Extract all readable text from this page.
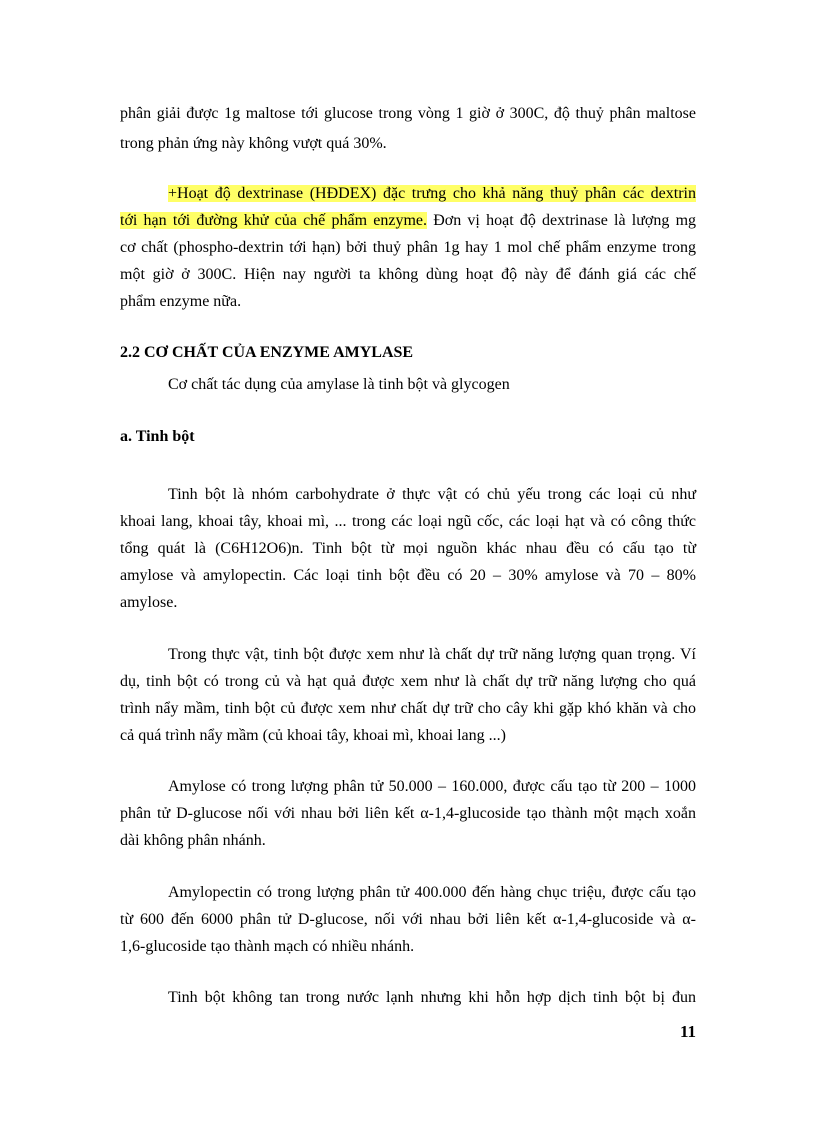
phân giải được 1g maltose tới glucose trong vòng 1 giờ ở 300C, độ thuỷ phân maltose
trong phản ứng này không vượt quá 30%.
+Hoạt độ dextrinase (HĐDEX) đặc trưng cho khả năng thuỷ phân các dextrin
tới hạn tới đường khử của chế phẩm enzyme. Đơn vị hoạt độ dextrinase là lượng mg
cơ chất (phospho-dextrin tới hạn) bởi thuỷ phân 1g hay 1 mol chế phẩm enzyme trong
một giờ ở 300C. Hiện nay người ta không dùng hoạt độ này để đánh giá các chế
phẩm enzyme nữa.
2.2 CƠ CHẤT CỦA ENZYME AMYLASE
Cơ chất tác dụng của amylase là tinh bột và glycogen
a. Tinh bột
Tinh bột là nhóm carbohydrate ở thực vật có chủ yếu trong các loại củ như
khoai lang, khoai tây, khoai mì, ... trong các loại ngũ cốc, các loại hạt và có công thức
tổng quát là (C6H12O6)n. Tinh bột từ mọi nguồn khác nhau đều có cấu tạo từ
amylose và amylopectin. Các loại tinh bột đều có 20 – 30% amylose và 70 – 80%
amylose.
Trong thực vật, tinh bột được xem như là chất dự trữ năng lượng quan trọng. Ví
dụ, tinh bột có trong củ và hạt quả được xem như là chất dự trữ năng lượng cho quá
trình nẩy mầm, tinh bột củ được xem như chất dự trữ cho cây khi gặp khó khăn và cho
cả quá trình nẩy mầm (củ khoai tây, khoai mì, khoai lang ...)
Amylose có trong lượng phân tử 50.000 – 160.000, được cấu tạo từ 200 – 1000
phân tử D-glucose nối với nhau bởi liên kết α-1,4-glucoside tạo thành một mạch xoắn
dài không phân nhánh.
Amylopectin có trong lượng phân tử 400.000 đến hàng chục triệu, được cấu tạo
từ 600 đến 6000 phân tử D-glucose, nối với nhau bởi liên kết α-1,4-glucoside và α-
1,6-glucoside tạo thành mạch có nhiều nhánh.
Tinh bột không tan trong nước lạnh nhưng khi hỗn hợp dịch tinh bột bị đun
11
